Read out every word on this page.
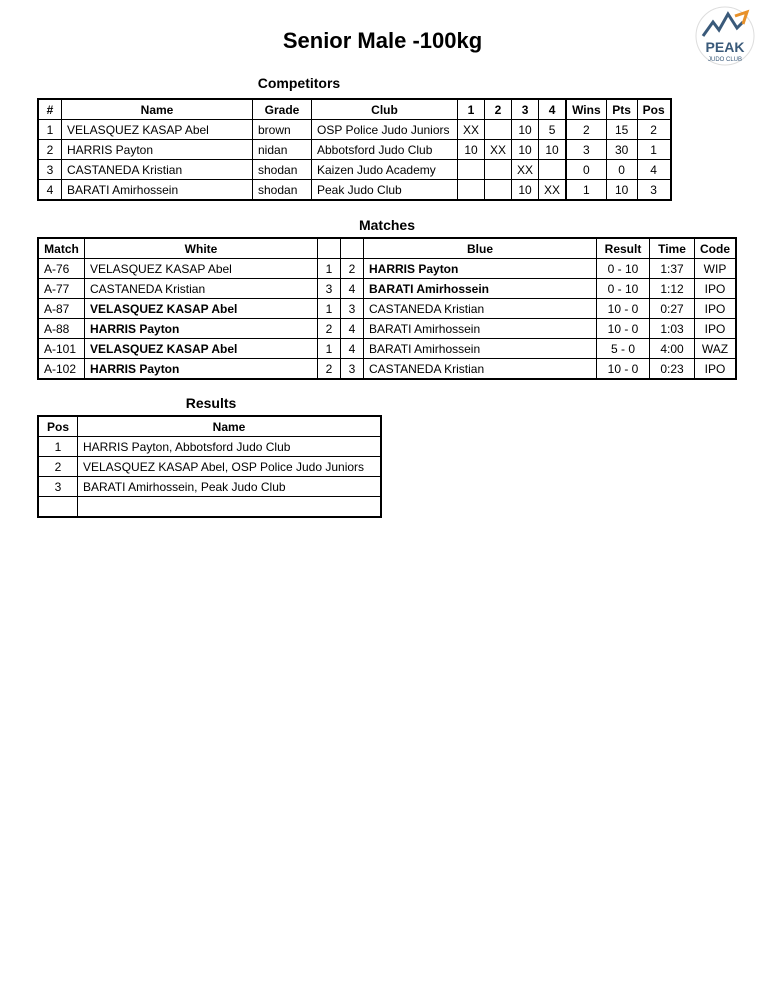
Senior Male -100kg	PEAK
JUDO CLUB
Competitors
#	Name	Grade	Club	1	2	3	4	Wins	Pts	Pos
1	VELASQUEZ KASAP Abel	brown	OSP Police Judo Juniors	XX		10	5	2	15	2
2	HARRIS Payton	nidan	Abbotsford Judo Club	10	XX	10	10	3	30	1
3	CASTANEDA Kristian	shodan	Kaizen Judo Academy			XX		0	0	4
4	BARATI Amirhossein	shodan	Peak Judo Club			10	XX	1	10	3
Matches
Match	White			Blue	Result	Time	Code
A-76	VELASQUEZ KASAP Abel	1	2	HARRIS Payton	0 - 10	1:37	WIP
A-77	CASTANEDA Kristian	3	4	BARATI Amirhossein	0 - 10	1:12	IPO
A-87	VELASQUEZ KASAP Abel	1	3	CASTANEDA Kristian	10 - 0	0:27	IPO
A-88	HARRIS Payton	2	4	BARATI Amirhossein	10 - 0	1:03	IPO
A-101	VELASQUEZ KASAP Abel	1	4	BARATI Amirhossein	5 - 0	4:00	WAZ
A-102	HARRIS Payton	2	3	CASTANEDA Kristian	10 - 0	0:23	IPO
Results
Pos	Name
1	HARRIS Payton, Abbotsford Judo Club
2	VELASQUEZ KASAP Abel, OSP Police Judo Juniors
3	BARATI Amirhossein, Peak Judo Club
